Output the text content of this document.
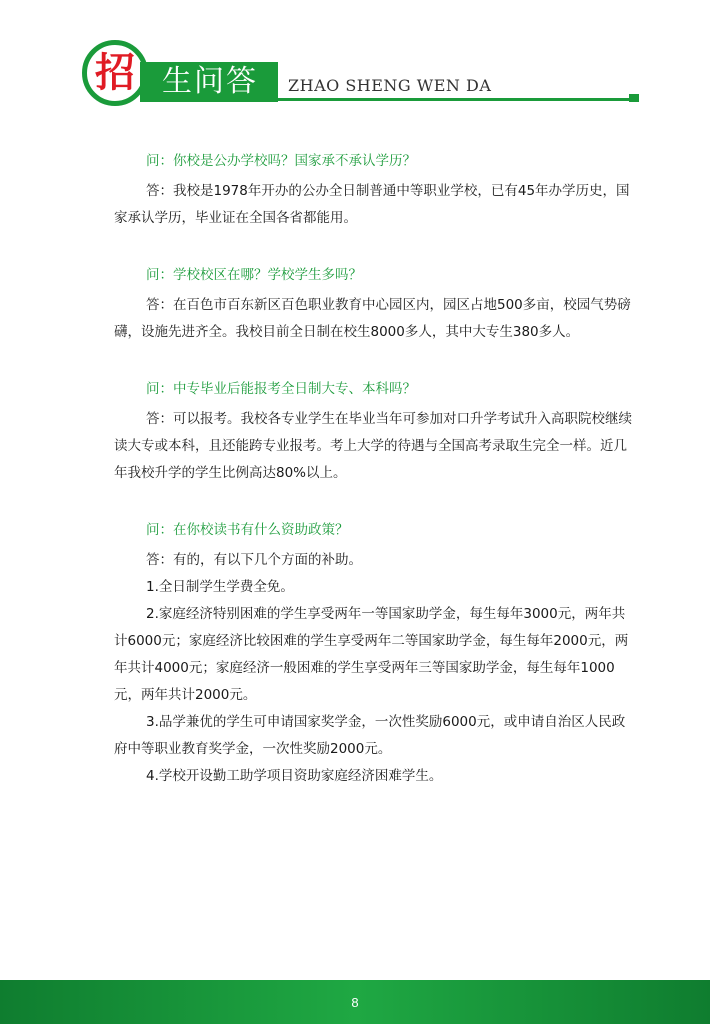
招 生问答 ZHAO SHENG WEN DA

问：你校是公办学校吗？国家承不承认学历？

答：我校是1978年开办的公办全日制普通中等职业学校，已有45年办学历史，国家承认学历，毕业证在全国各省都能用。

问：学校校区在哪？学校学生多吗？

答：在百色市百东新区百色职业教育中心园区内，园区占地500多亩，校园气势磅礴，设施先进齐全。我校目前全日制在校生8000多人，其中大专生380多人。

问：中专毕业后能报考全日制大专、本科吗？

答：可以报考。我校各专业学生在毕业当年可参加对口升学考试升入高职院校继续读大专或本科，且还能跨专业报考。考上大学的待遇与全国高考录取生完全一样。近几年我校升学的学生比例高达80%以上。

问：在你校读书有什么资助政策？

答：有的，有以下几个方面的补助。

1.全日制学生学费全免。

2.家庭经济特别困难的学生享受两年一等国家助学金，每生每年3000元，两年共计6000元；家庭经济比较困难的学生享受两年二等国家助学金，每生每年2000元，两年共计4000元；家庭经济一般困难的学生享受两年三等国家助学金，每生每年1000元，两年共计2000元。

3.品学兼优的学生可申请国家奖学金，一次性奖励6000元，或申请自治区人民政府中等职业教育奖学金，一次性奖励2000元。

4.学校开设勤工助学项目资助家庭经济困难学生。

8
